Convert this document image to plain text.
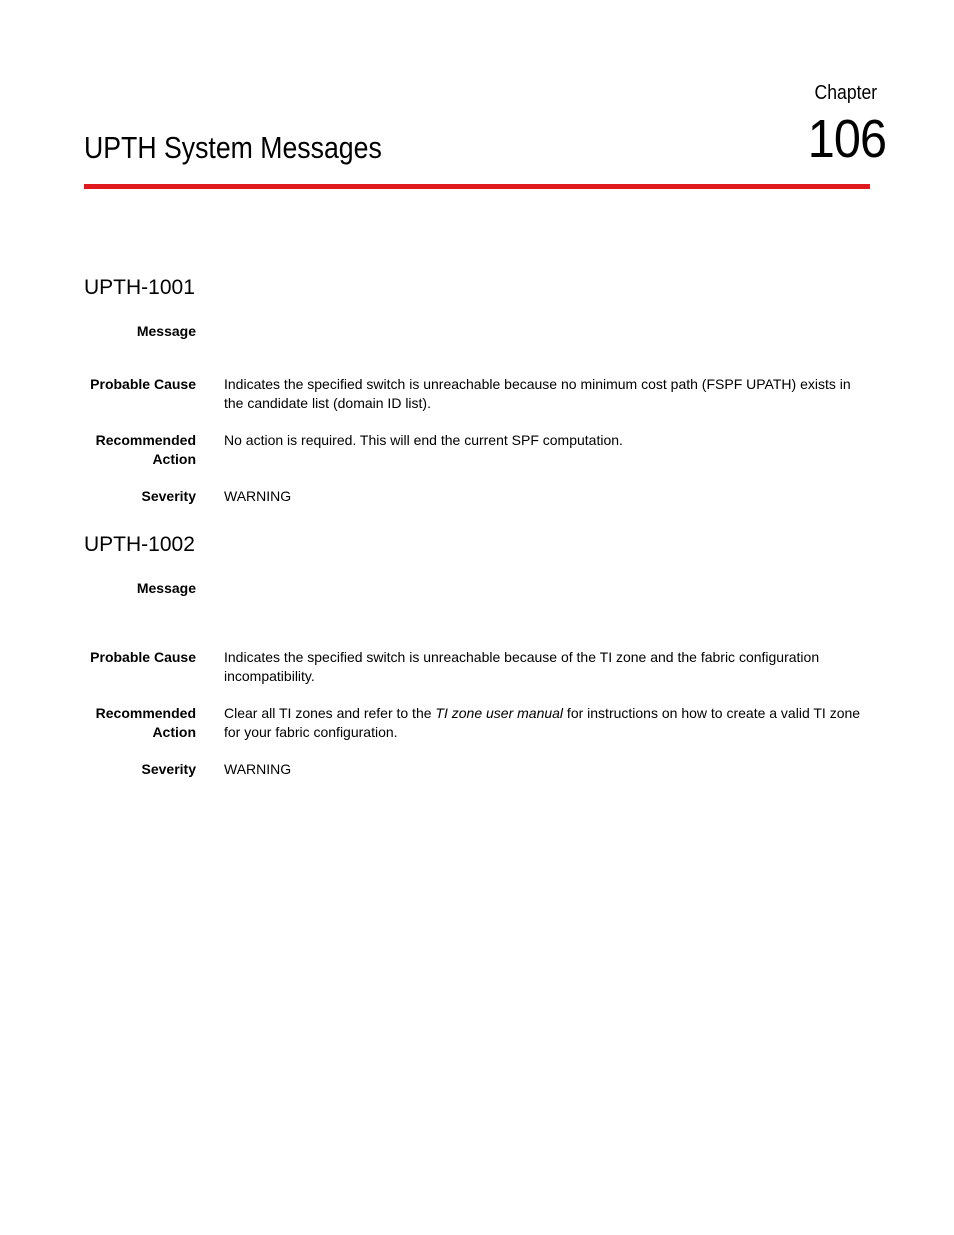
Chapter
106
UPTH System Messages
UPTH-1001
Message
Probable Cause Indicates the specified switch is unreachable because no minimum cost path (FSPF UPATH) exists in the candidate list (domain ID list).
Recommended
Action
No action is required. This will end the current SPF computation.
Severity WARNING
UPTH-1002
Message
Probable Cause Indicates the specified switch is unreachable because of the TI zone and the fabric configuration incompatibility.
Recommended
Action
Clear all TI zones and refer to the TI zone user manual for instructions on how to create a valid TI zone for your fabric configuration.
Severity WARNING
